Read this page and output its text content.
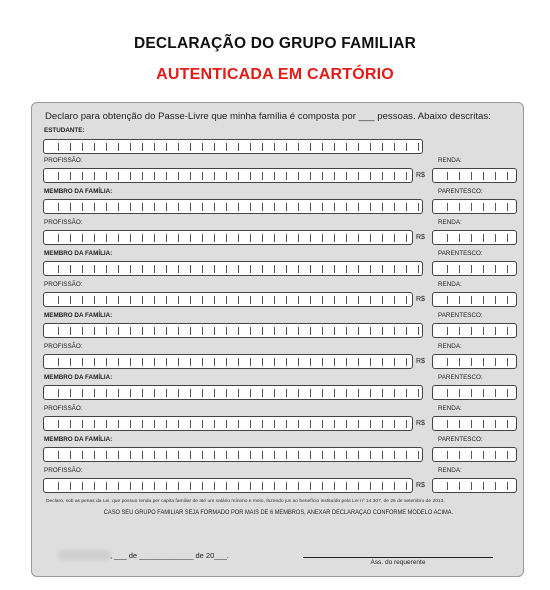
DECLARAÇÃO DO GRUPO FAMILIAR
AUTENTICADA EM CARTÓRIO
Declaro para obtenção do Passe-Livre que minha família é composta por ___ pessoas. Abaixo descritas:
ESTUDANTE:
PROFISSÃO:	RENDA:
R$
MEMBRO DA FAMÍLIA:	PARENTESCO:
PROFISSÃO:	RENDA:
R$
MEMBRO DA FAMÍLIA:	PARENTESCO:
PROFISSÃO:	RENDA:
R$
MEMBRO DA FAMÍLIA:	PARENTESCO:
PROFISSÃO:	RENDA:
R$
MEMBRO DA FAMÍLIA:	PARENTESCO:
PROFISSÃO:	RENDA:
R$
MEMBRO DA FAMÍLIA:	PARENTESCO:
PROFISSÃO:	RENDA:
R$
Declaro, sob as penas da Lei, que possuo renda per capita familiar de até um salário mínimo e meio, fazendo jus ao benefício instituído pela Lei nº 14.307, de 25 de setembro de 2013.
CASO SEU GRUPO FAMILIAR SEJA FORMADO POR MAIS DE 6 MEMBROS, ANEXAR DECLARAÇÃO CONFORME MODELO ACIMA.
, ___ de _____________ de 20___.
Ass. do requerente
